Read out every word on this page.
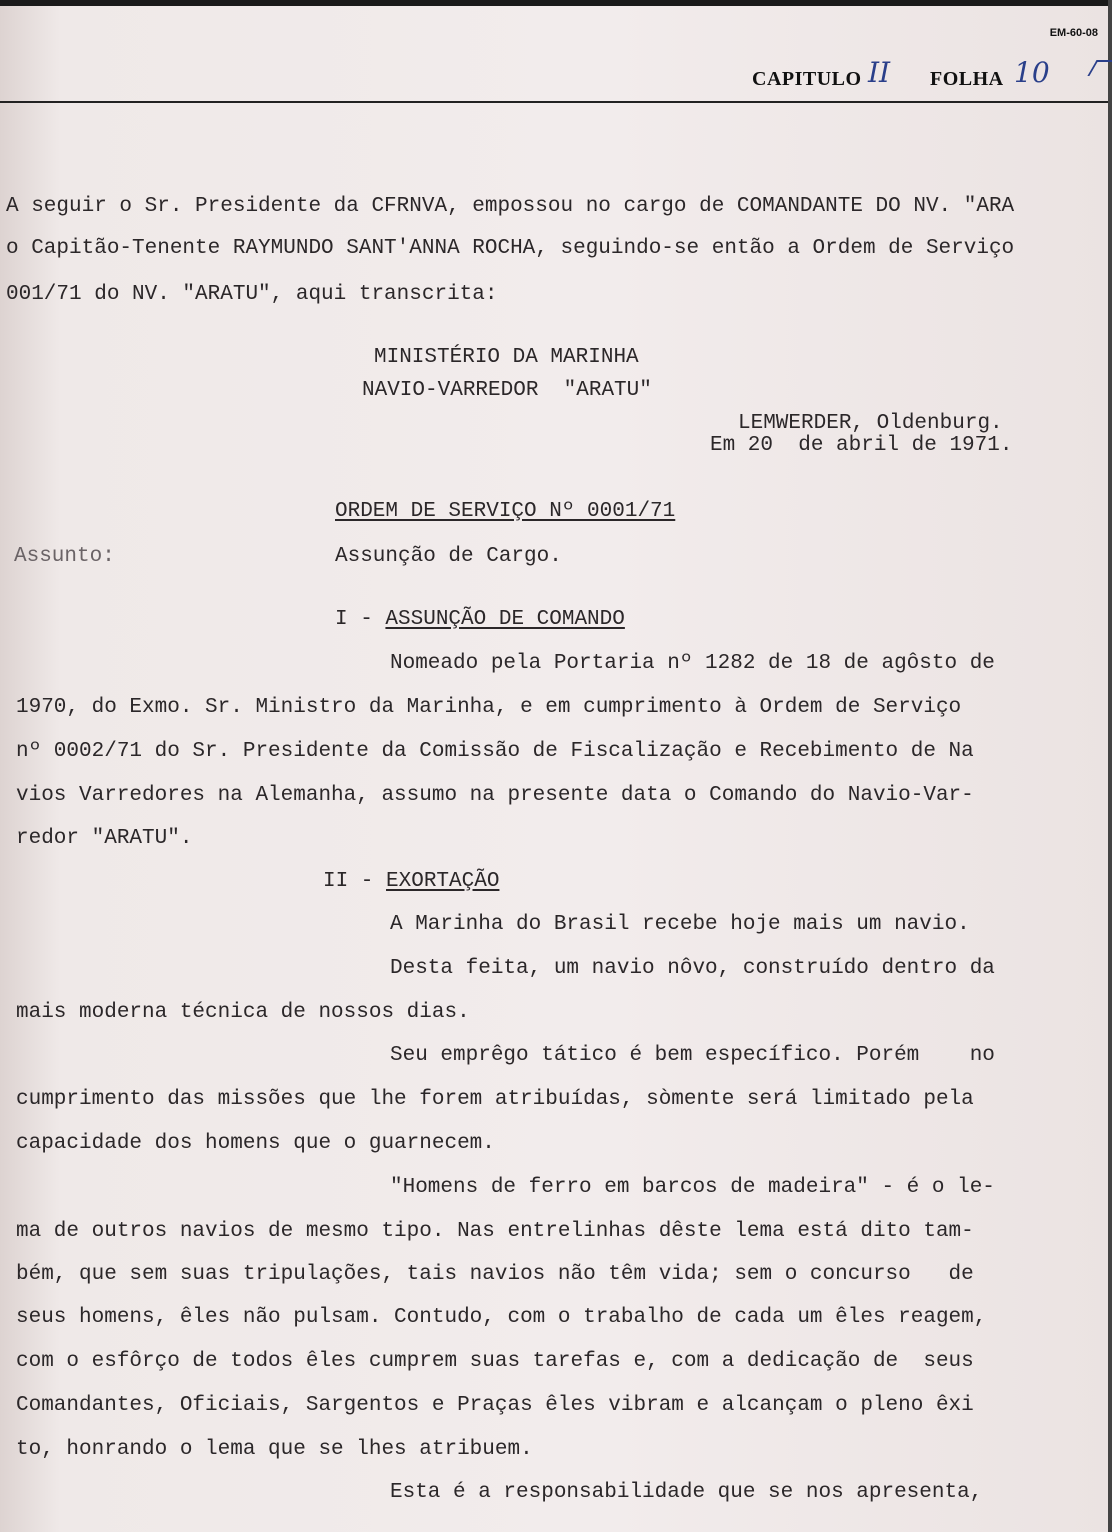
EM-60-08
CAPITULO II FOLHA 10
A seguir o Sr. Presidente da CFRNVA, empossou no cargo de COMANDANTE DO NV. "ARA
o Capitão-Tenente RAYMUNDO SANT'ANNA ROCHA, seguindo-se então a Ordem de Serviço
001/71 do NV. "ARATU", aqui transcrita:
MINISTÉRIO DA MARINHA
NAVIO-VARREDOR  "ARATU"
LEMWERDER, Oldenburg.
Em 20  de abril de 1971.
ORDEM DE SERVIÇO Nº 0001/71
Assunto:	Assunção de Cargo.
I - ASSUNÇÃO DE COMANDO
Nomeado pela Portaria nº 1282 de 18 de agôsto de
1970, do Exmo. Sr. Ministro da Marinha, e em cumprimento à Ordem de Serviço
nº 0002/71 do Sr. Presidente da Comissão de Fiscalização e Recebimento de Na
vios Varredores na Alemanha, assumo na presente data o Comando do Navio-Var-
redor "ARATU".
II - EXORTAÇÃO
A Marinha do Brasil recebe hoje mais um navio.
Desta feita, um navio nôvo, construído dentro da
mais moderna técnica de nossos dias.
Seu emprêgo tático é bem específico. Porém    no
cumprimento das missões que lhe forem atribuídas, sòmente será limitado pela
capacidade dos homens que o guarnecem.
"Homens de ferro em barcos de madeira" - é o le-
ma de outros navios de mesmo tipo. Nas entrelinhas dêste lema está dito tam-
bém, que sem suas tripulações, tais navios não têm vida; sem o concurso   de
seus homens, êles não pulsam. Contudo, com o trabalho de cada um êles reagem,
com o esfôrço de todos êles cumprem suas tarefas e, com a dedicação de  seus
Comandantes, Oficiais, Sargentos e Praças êles vibram e alcançam o pleno êxi
to, honrando o lema que se lhes atribuem.
Esta é a responsabilidade que se nos apresenta,
